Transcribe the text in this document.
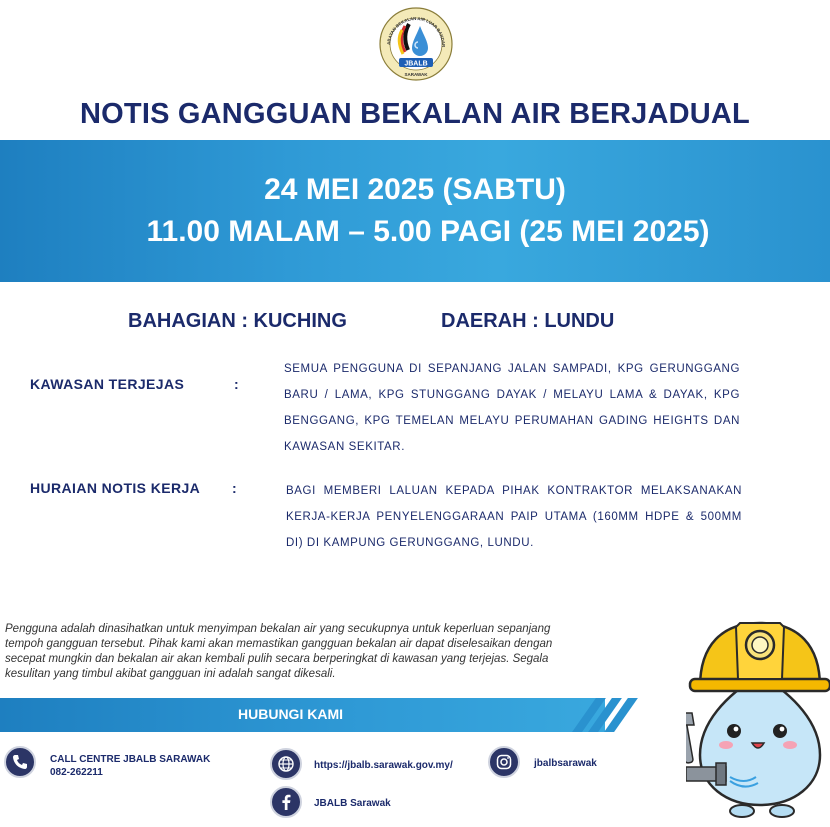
JBALB
SARAWAK
ABATAN BEKALAN AIR LUAR BANDAR
NOTIS GANGGUAN BEKALAN AIR BERJADUAL
24 MEI 2025 (SABTU)
11.00 MALAM – 5.00 PAGI (25 MEI 2025)
BAHAGIAN : KUCHING	DAERAH : LUNDU
KAWASAN TERJEJAS	:
SEMUA PENGGUNA DI SEPANJANG JALAN SAMPADI, KPG GERUNGGANG BARU / LAMA, KPG STUNGGANG DAYAK / MELAYU LAMA & DAYAK, KPG BENGGANG, KPG TEMELAN MELAYU PERUMAHAN GADING HEIGHTS DAN KAWASAN SEKITAR.
HURAIAN NOTIS KERJA :	BAGI MEMBERI LALUAN KEPADA PIHAK KONTRAKTOR MELAKSANAKAN KERJA-KERJA PENYELENGGARAAN PAIP UTAMA (160MM HDPE & 500MM DI) DI KAMPUNG GERUNGGANG, LUNDU.
Pengguna adalah dinasihatkan untuk menyimpan bekalan air yang secukupnya untuk keperluan sepanjang tempoh gangguan tersebut. Pihak kami akan memastikan gangguan bekalan air dapat diselesaikan dengan secepat mungkin dan bekalan air akan kembali pulih secara berperingkat di kawasan yang terjejas. Segala kesulitan yang timbul akibat gangguan ini adalah sangat dikesali.
HUBUNGI KAMI
CALL CENTRE JBALB SARAWAK
082-262211
https://jbalb.sarawak.gov.my/	jbalbsarawak
JBALB Sarawak
